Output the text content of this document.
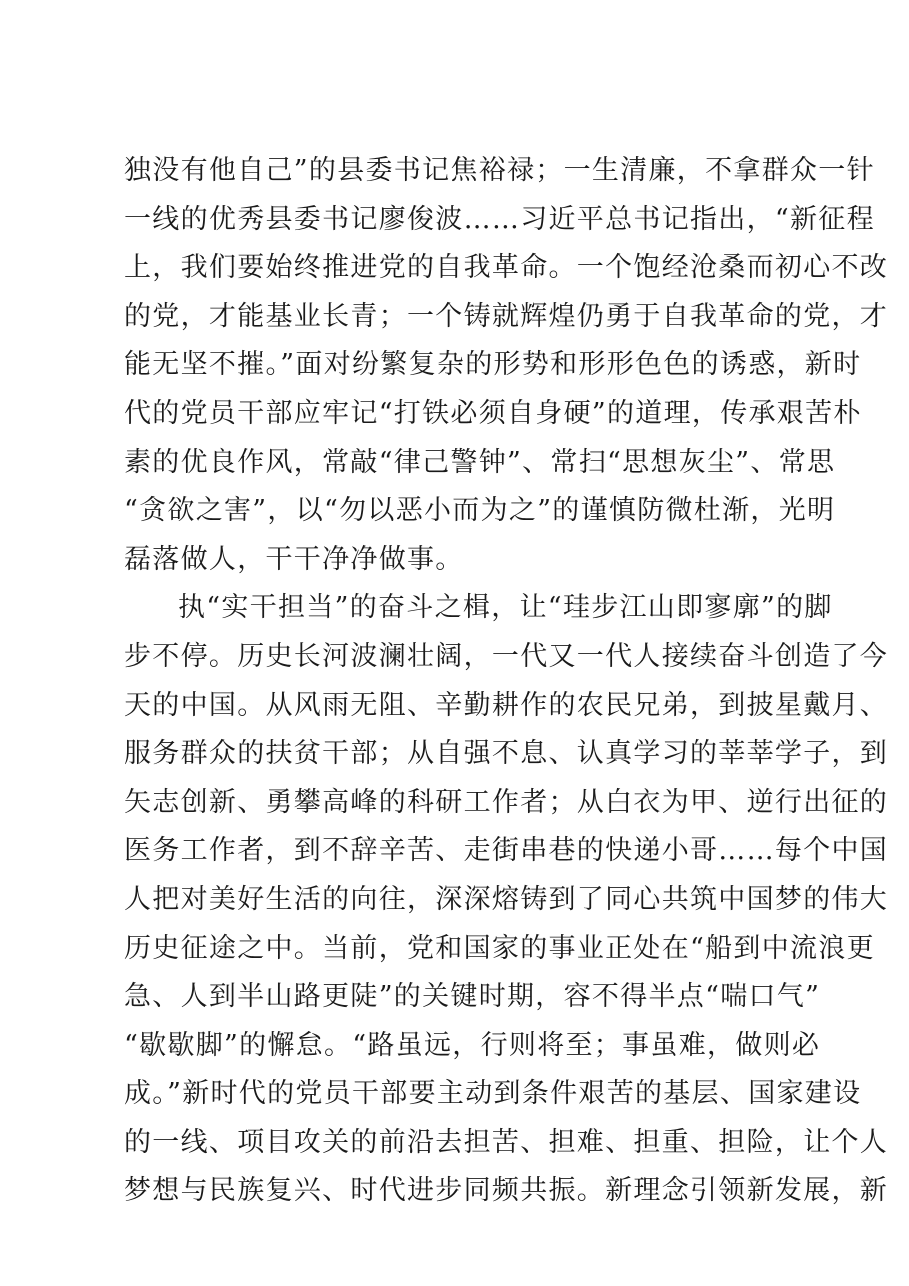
独没有他自己”的县委书记焦裕禄；一生清廉，不拿群众一针
一线的优秀县委书记廖俊波……习近平总书记指出，“新征程
上，我们要始终推进党的自我革命。一个饱经沧桑而初心不改
的党，才能基业长青；一个铸就辉煌仍勇于自我革命的党，才
能无坚不摧。”面对纷繁复杂的形势和形形色色的诱惑，新时
代的党员干部应牢记“打铁必须自身硬”的道理，传承艰苦朴
素的优良作风，常敲“律己警钟”、常扫“思想灰尘”、常思
“贪欲之害”，以“勿以恶小而为之”的谨慎防微杜渐，光明
磊落做人，干干净净做事。
执“实干担当”的奋斗之楫，让“珪步江山即寥廓”的脚
步不停。历史长河波澜壮阔，一代又一代人接续奋斗创造了今
天的中国。从风雨无阻、辛勤耕作的农民兄弟，到披星戴月、
服务群众的扶贫干部；从自强不息、认真学习的莘莘学子，到
矢志创新、勇攀高峰的科研工作者；从白衣为甲、逆行出征的
医务工作者，到不辞辛苦、走街串巷的快递小哥……每个中国
人把对美好生活的向往，深深熔铸到了同心共筑中国梦的伟大
历史征途之中。当前，党和国家的事业正处在“船到中流浪更
急、人到半山路更陡”的关键时期，容不得半点“喘口气”
“歇歇脚”的懈怠。“路虽远，行则将至；事虽难，做则必
成。”新时代的党员干部要主动到条件艰苦的基层、国家建设
的一线、项目攻关的前沿去担苦、担难、担重、担险，让个人
梦想与民族复兴、时代进步同频共振。新理念引领新发展，新
